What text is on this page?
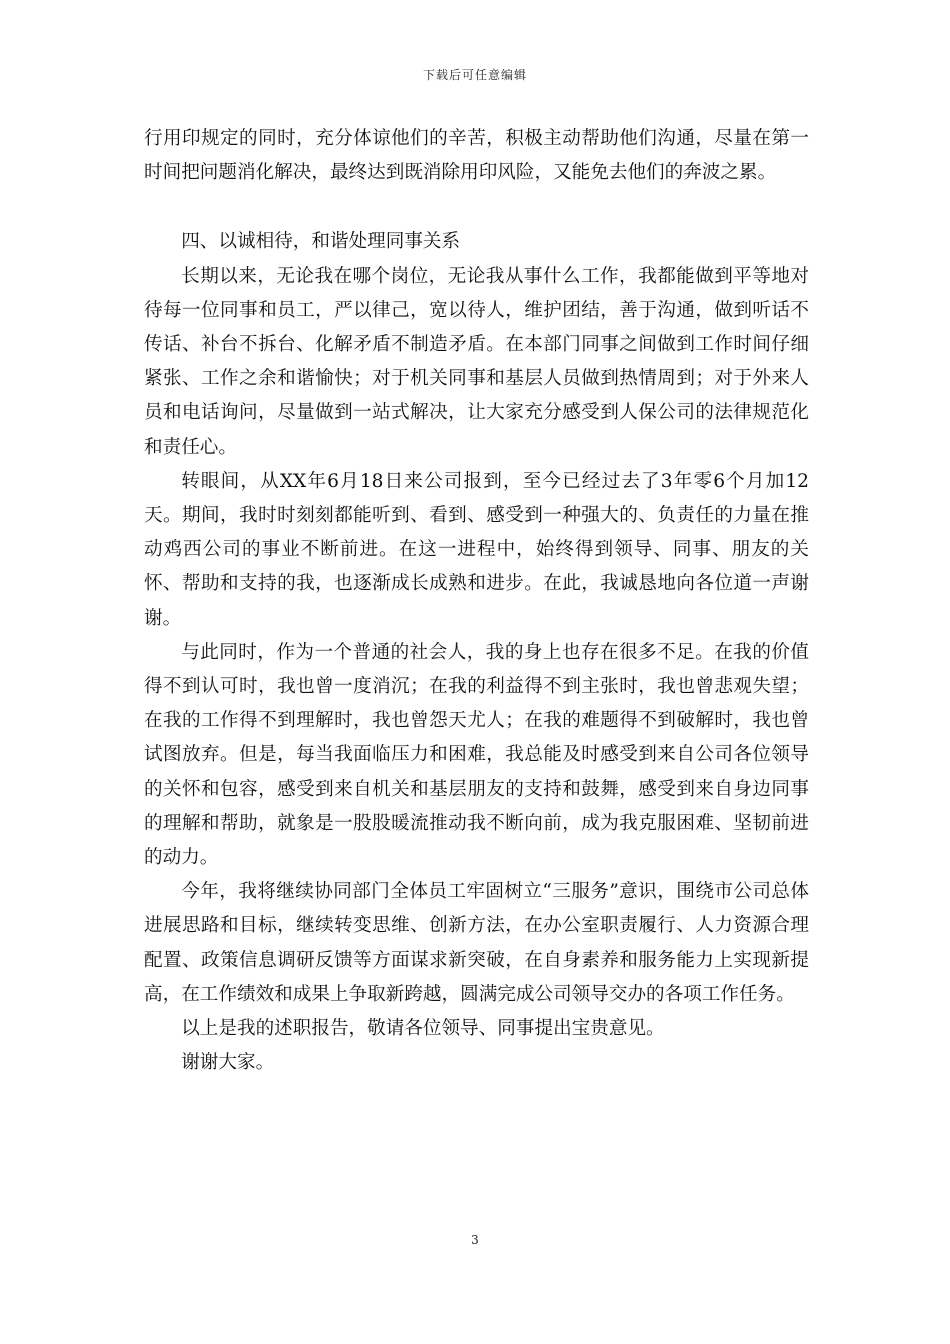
下载后可任意编辑

行用印规定的同时，充分体谅他们的辛苦，积极主动帮助他们沟通，尽量在第一时间把问题消化解决，最终达到既消除用印风险，又能免去他们的奔波之累。

四、以诚相待，和谐处理同事关系

长期以来，无论我在哪个岗位，无论我从事什么工作，我都能做到平等地对待每一位同事和员工，严以律己，宽以待人，维护团结，善于沟通，做到听话不传话、补台不拆台、化解矛盾不制造矛盾。在本部门同事之间做到工作时间仔细紧张、工作之余和谐愉快；对于机关同事和基层人员做到热情周到；对于外来人员和电话询问，尽量做到一站式解决，让大家充分感受到人保公司的法律规范化和责任心。

转眼间，从XX年6月18日来公司报到，至今已经过去了3年零6个月加12天。期间，我时时刻刻都能听到、看到、感受到一种强大的、负责任的力量在推动鸡西公司的事业不断前进。在这一进程中，始终得到领导、同事、朋友的关怀、帮助和支持的我，也逐渐成长成熟和进步。在此，我诚恳地向各位道一声谢谢。

与此同时，作为一个普通的社会人，我的身上也存在很多不足。在我的价值得不到认可时，我也曾一度消沉；在我的利益得不到主张时，我也曾悲观失望；在我的工作得不到理解时，我也曾怨天尤人；在我的难题得不到破解时，我也曾试图放弃。但是，每当我面临压力和困难，我总能及时感受到来自公司各位领导的关怀和包容，感受到来自机关和基层朋友的支持和鼓舞，感受到来自身边同事的理解和帮助，就象是一股股暖流推动我不断向前，成为我克服困难、坚韧前进的动力。

今年，我将继续协同部门全体员工牢固树立“三服务”意识，围绕市公司总体进展思路和目标，继续转变思维、创新方法，在办公室职责履行、人力资源合理配置、政策信息调研反馈等方面谋求新突破，在自身素养和服务能力上实现新提高，在工作绩效和成果上争取新跨越，圆满完成公司领导交办的各项工作任务。

以上是我的述职报告，敬请各位领导、同事提出宝贵意见。

谢谢大家。

3
